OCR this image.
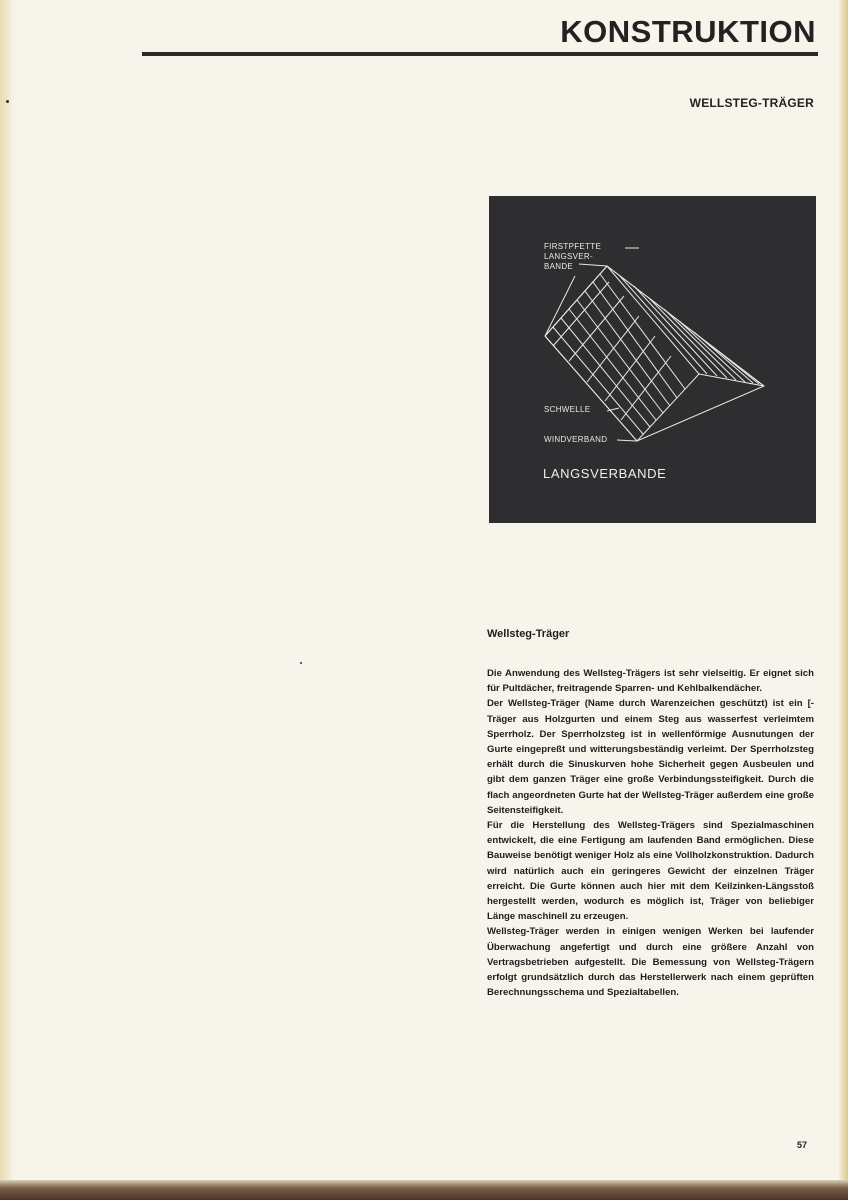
KONSTRUKTION
WELLSTEG-TRÄGER
FIRSTPFETTE
LANGSVER-
BANDE
SCHWELLE
WINDVERBAND
LANGSVERBANDE
Wellsteg-Träger

Die Anwendung des Wellsteg-Trägers ist sehr vielseitig. Er eignet sich für Pultdächer, freitragende Sparren- und Kehlbalkendächer.

Der Wellsteg-Träger (Name durch Warenzeichen geschützt) ist ein [-Träger aus Holzgurten und einem Steg aus wasserfest verleimtem Sperrholz. Der Sperrholzsteg ist in wellenförmige Ausnutungen der Gurte eingepreßt und witterungsbeständig verleimt. Der Sperrholzsteg erhält durch die Sinuskurven hohe Sicherheit gegen Ausbeulen und gibt dem ganzen Träger eine große Verbindungssteifigkeit. Durch die flach angeordneten Gurte hat der Wellsteg-Träger außerdem eine große Seitensteifigkeit.

Für die Herstellung des Wellsteg-Trägers sind Spezialmaschinen entwickelt, die eine Fertigung am laufenden Band ermöglichen. Diese Bauweise benötigt weniger Holz als eine Vollholzkonstruktion. Dadurch wird natürlich auch ein geringeres Gewicht der einzelnen Träger erreicht. Die Gurte können auch hier mit dem Keilzinken-Längsstoß hergestellt werden, wodurch es möglich ist, Träger von beliebiger Länge maschinell zu erzeugen.

Wellsteg-Träger werden in einigen wenigen Werken bei laufender Überwachung angefertigt und durch eine größere Anzahl von Vertragsbetrieben aufgestellt. Die Bemessung von Wellsteg-Trägern erfolgt grundsätzlich durch das Herstellerwerk nach einem geprüften Berechnungsschema und Spezialtabellen.

57
